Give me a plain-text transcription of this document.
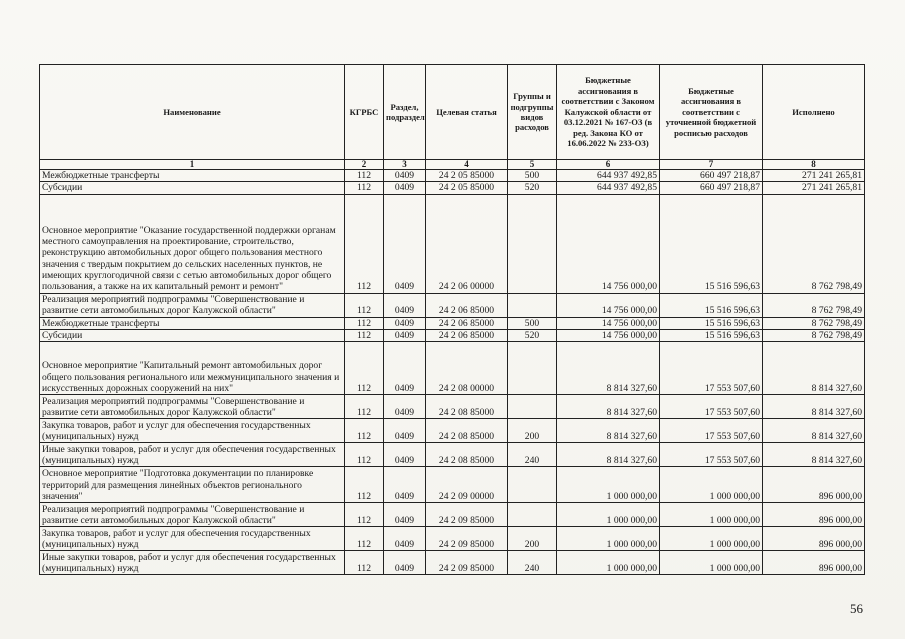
Наименование	КГРБС	Раздел, подраздел	Целевая статья	Группы и подгруппы видов расходов	Бюджетные ассигнования в соответствии с Законом Калужской области от 03.12.2021 № 167-ОЗ (в ред. Закона КО от 16.06.2022 № 233-ОЗ)	Бюджетные ассигнования в соответствии с уточненной бюджетной росписью расходов	Исполнено
1	2	3	4	5	6	7	8
Межбюджетные трансферты	112	0409	24 2 05 85000	500	644 937 492,85	660 497 218,87	271 241 265,81
Субсидии	112	0409	24 2 05 85000	520	644 937 492,85	660 497 218,87	271 241 265,81
Основное мероприятие "Оказание государственной поддержки органам местного самоуправления на проектирование, строительство, реконструкцию автомобильных дорог общего пользования местного значения с твердым покрытием до сельских населенных пунктов, не имеющих круглогодичной связи с сетью автомобильных дорог общего пользования, а также на их капитальный ремонт и ремонт"	112	0409	24 2 06 00000		14 756 000,00	15 516 596,63	8 762 798,49
Реализация мероприятий подпрограммы "Совершенствование и развитие сети автомобильных дорог Калужской области"	112	0409	24 2 06 85000		14 756 000,00	15 516 596,63	8 762 798,49
Межбюджетные трансферты	112	0409	24 2 06 85000	500	14 756 000,00	15 516 596,63	8 762 798,49
Субсидии	112	0409	24 2 06 85000	520	14 756 000,00	15 516 596,63	8 762 798,49
Основное мероприятие "Капитальный ремонт автомобильных дорог общего пользования регионального или межмуниципального значения и искусственных дорожных сооружений на них"	112	0409	24 2 08 00000		8 814 327,60	17 553 507,60	8 814 327,60
Реализация мероприятий подпрограммы "Совершенствование и развитие сети автомобильных дорог Калужской области"	112	0409	24 2 08 85000		8 814 327,60	17 553 507,60	8 814 327,60
Закупка товаров, работ и услуг для обеспечения государственных (муниципальных) нужд	112	0409	24 2 08 85000	200	8 814 327,60	17 553 507,60	8 814 327,60
Иные закупки товаров, работ и услуг для обеспечения государственных (муниципальных) нужд	112	0409	24 2 08 85000	240	8 814 327,60	17 553 507,60	8 814 327,60
Основное мероприятие "Подготовка документации по планировке территорий для размещения линейных объектов регионального значения"	112	0409	24 2 09 00000		1 000 000,00	1 000 000,00	896 000,00
Реализация мероприятий подпрограммы "Совершенствование и развитие сети автомобильных дорог Калужской области"	112	0409	24 2 09 85000		1 000 000,00	1 000 000,00	896 000,00
Закупка товаров, работ и услуг для обеспечения государственных (муниципальных) нужд	112	0409	24 2 09 85000	200	1 000 000,00	1 000 000,00	896 000,00
Иные закупки товаров, работ и услуг для обеспечения государственных (муниципальных) нужд	112	0409	24 2 09 85000	240	1 000 000,00	1 000 000,00	896 000,00
56
